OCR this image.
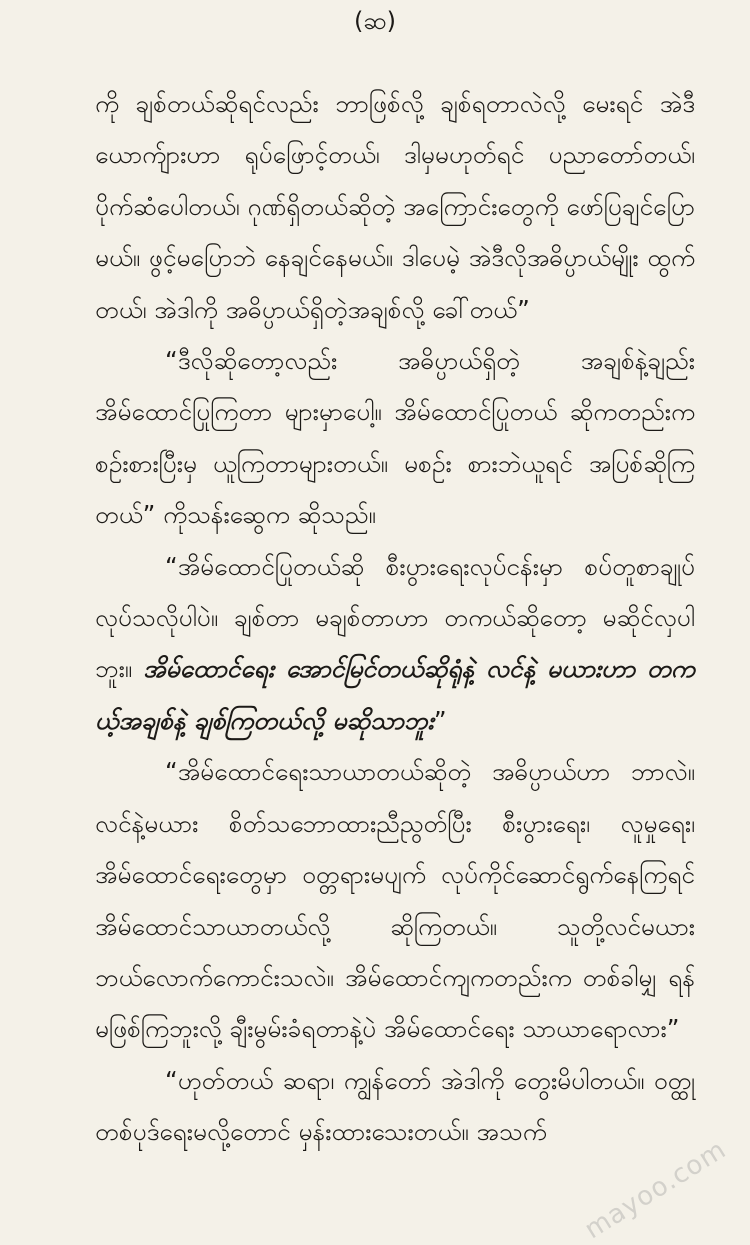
(ဆ)

ကို ချစ်တယ်ဆိုရင်လည်း ဘာဖြစ်လို့ ချစ်ရတာလဲလို့ မေးရင် အဲဒီယောက်ျားဟာ ရုပ်ဖြောင့်တယ်၊ ဒါမှမဟုတ်ရင် ပညာတော်တယ်၊ ပိုက်ဆံပေါတယ်၊ ဂုဏ်ရှိတယ်ဆိုတဲ့ အကြောင်းတွေကို ဖော်ပြချင်ပြောမယ်။ ဖွင့်မပြောဘဲ နေချင်နေမယ်။ ဒါပေမဲ့ အဲဒီလိုအဓိပ္ပာယ်မျိုး ထွက်တယ်၊ အဲဒါကို အဓိပ္ပာယ်ရှိတဲ့အချစ်လို့ ခေါ်တယ်”

“ဒီလိုဆိုတော့လည်း အဓိပ္ပာယ်ရှိတဲ့ အချစ်နဲ့ချည်း အိမ်ထောင်ပြုကြတာ များမှာပေါ့။ အိမ်ထောင်ပြုတယ် ဆိုကတည်းက စဉ်းစားပြီးမှ ယူကြတာများတယ်။ မစဉ်း စားဘဲယူရင် အပြစ်ဆိုကြတယ်” ကိုသန်းဆွေက ဆိုသည်။

“အိမ်ထောင်ပြုတယ်ဆို စီးပွားရေးလုပ်ငန်းမှာ စပ်တူစာချုပ်လုပ်သလိုပါပဲ။ ချစ်တာ မချစ်တာဟာ တကယ်ဆိုတော့ မဆိုင်လှပါဘူး။ အိမ်ထောင်ရေး အောင်မြင်တယ်ဆိုရုံနဲ့ လင်နဲ့ မယားဟာ တကယ့်အချစ်နဲ့ ချစ်ကြတယ်လို့ မဆိုသာဘူး”

“အိမ်ထောင်ရေးသာယာတယ်ဆိုတဲ့ အဓိပ္ပာယ်ဟာ ဘာလဲ။ လင်နဲ့မယား စိတ်သဘောထားညီညွတ်ပြီး စီးပွားရေး၊ လူမှုရေး၊ အိမ်ထောင်ရေးတွေမှာ ဝတ္တရားမပျက် လုပ်ကိုင်ဆောင်ရွက်နေကြရင် အိမ်ထောင်သာယာတယ်လို့ ဆိုကြတယ်။ သူတို့လင်မယား ဘယ်လောက်ကောင်းသလဲ။ အိမ်ထောင်ကျကတည်းက တစ်ခါမျှ ရန်မဖြစ်ကြဘူးလို့ ချီးမွမ်းခံရတာနဲ့ပဲ အိမ်ထောင်ရေး သာယာရောလား”

“ဟုတ်တယ် ဆရာ၊ ကျွန်တော် အဲဒါကို တွေးမိပါတယ်။ ဝတ္ထုတစ်ပုဒ်ရေးမလို့တောင် မှန်းထားသေးတယ်။ အသက်

mayoo.com
